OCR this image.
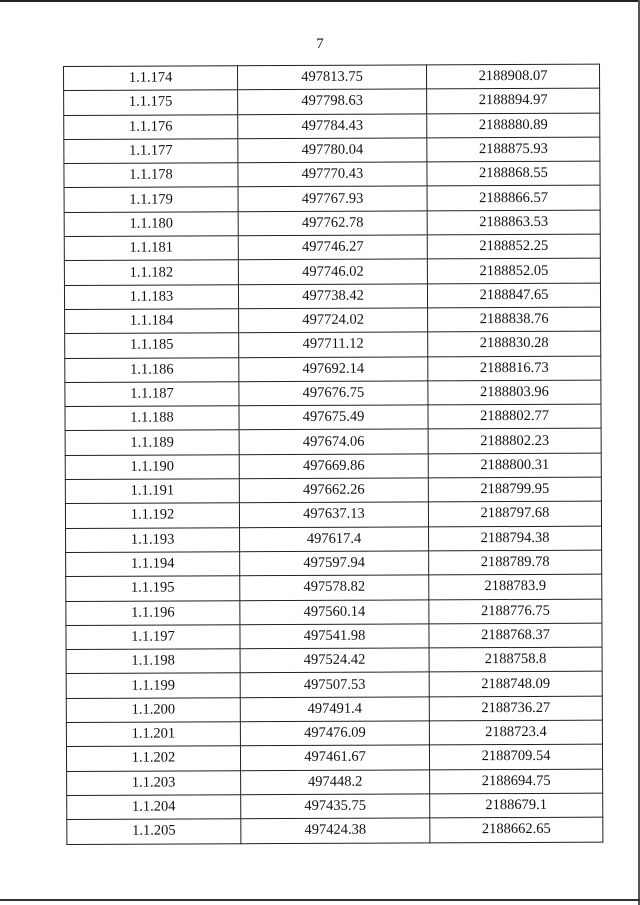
7
1.1.174	497813.75	2188908.07
1.1.175	497798.63	2188894.97
1.1.176	497784.43	2188880.89
1.1.177	497780.04	2188875.93
1.1.178	497770.43	2188868.55
1.1.179	497767.93	2188866.57
1.1.180	497762.78	2188863.53
1.1.181	497746.27	2188852.25
1.1.182	497746.02	2188852.05
1.1.183	497738.42	2188847.65
1.1.184	497724.02	2188838.76
1.1.185	497711.12	2188830.28
1.1.186	497692.14	2188816.73
1.1.187	497676.75	2188803.96
1.1.188	497675.49	2188802.77
1.1.189	497674.06	2188802.23
1.1.190	497669.86	2188800.31
1.1.191	497662.26	2188799.95
1.1.192	497637.13	2188797.68
1.1.193	497617.4	2188794.38
1.1.194	497597.94	2188789.78
1.1.195	497578.82	2188783.9
1.1.196	497560.14	2188776.75
1.1.197	497541.98	2188768.37
1.1.198	497524.42	2188758.8
1.1.199	497507.53	2188748.09
1.1.200	497491.4	2188736.27
1.1.201	497476.09	2188723.4
1.1.202	497461.67	2188709.54
1.1.203	497448.2	2188694.75
1.1.204	497435.75	2188679.1
1.1.205	497424.38	2188662.65
